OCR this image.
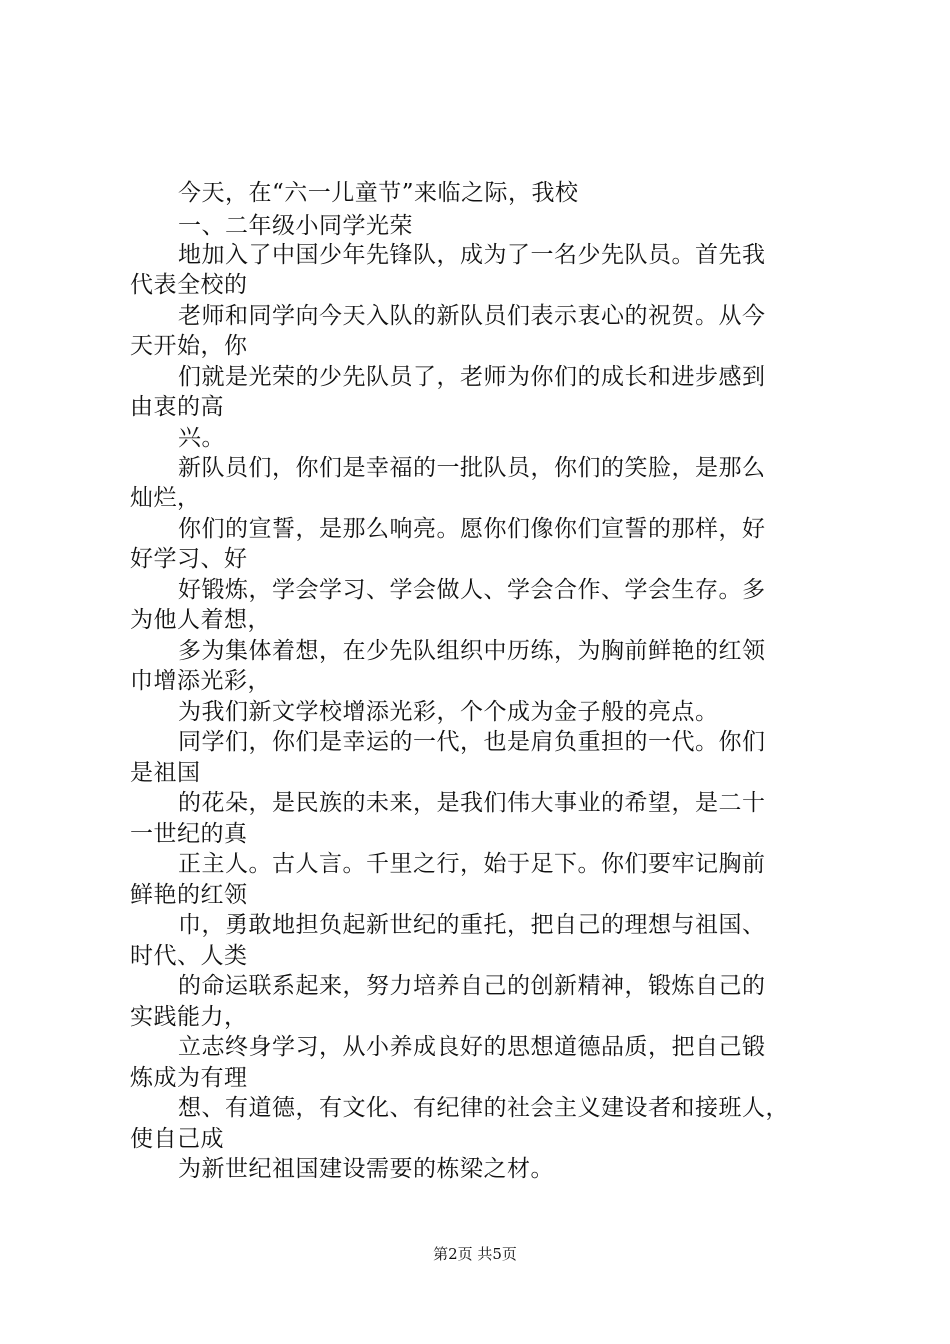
今天，在“六一儿童节”来临之际，我校
一、二年级小同学光荣
地加入了中国少年先锋队，成为了一名少先队员。首先我
代表全校的
老师和同学向今天入队的新队员们表示衷心的祝贺。从今
天开始，你
们就是光荣的少先队员了，老师为你们的成长和进步感到
由衷的高
兴。
新队员们，你们是幸福的一批队员，你们的笑脸，是那么
灿烂，
你们的宣誓，是那么响亮。愿你们像你们宣誓的那样，好
好学习、好
好锻炼，学会学习、学会做人、学会合作、学会生存。多
为他人着想，
多为集体着想，在少先队组织中历练，为胸前鲜艳的红领
巾增添光彩，
为我们新文学校增添光彩，个个成为金子般的亮点。
同学们，你们是幸运的一代，也是肩负重担的一代。你们
是祖国
的花朵，是民族的未来，是我们伟大事业的希望，是二十
一世纪的真
正主人。古人言。千里之行，始于足下。你们要牢记胸前
鲜艳的红领
巾，勇敢地担负起新世纪的重托，把自己的理想与祖国、
时代、人类
的命运联系起来，努力培养自己的创新精神，锻炼自己的
实践能力，
立志终身学习，从小养成良好的思想道德品质，把自己锻
炼成为有理
想、有道德，有文化、有纪律的社会主义建设者和接班人，
使自己成
为新世纪祖国建设需要的栋梁之材。
第2页 共5页
